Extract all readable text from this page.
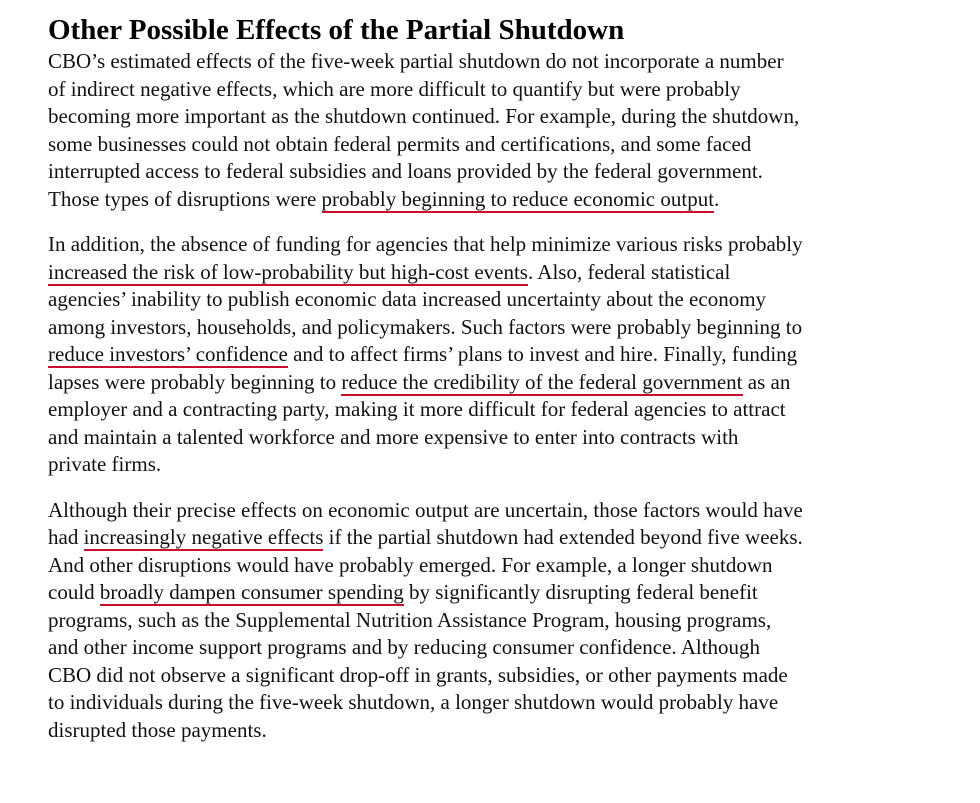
Other Possible Effects of the Partial Shutdown

CBO’s estimated effects of the five-week partial shutdown do not incorporate a number
of indirect negative effects, which are more difficult to quantify but were probably
becoming more important as the shutdown continued. For example, during the shutdown,
some businesses could not obtain federal permits and certifications, and some faced
interrupted access to federal subsidies and loans provided by the federal government.
Those types of disruptions were probably beginning to reduce economic output.

In addition, the absence of funding for agencies that help minimize various risks probably
increased the risk of low-probability but high-cost events. Also, federal statistical
agencies’ inability to publish economic data increased uncertainty about the economy
among investors, households, and policymakers. Such factors were probably beginning to
reduce investors’ confidence and to affect firms’ plans to invest and hire. Finally, funding
lapses were probably beginning to reduce the credibility of the federal government as an
employer and a contracting party, making it more difficult for federal agencies to attract
and maintain a talented workforce and more expensive to enter into contracts with
private firms.

Although their precise effects on economic output are uncertain, those factors would have
had increasingly negative effects if the partial shutdown had extended beyond five weeks.
And other disruptions would have probably emerged. For example, a longer shutdown
could broadly dampen consumer spending by significantly disrupting federal benefit
programs, such as the Supplemental Nutrition Assistance Program, housing programs,
and other income support programs and by reducing consumer confidence. Although
CBO did not observe a significant drop-off in grants, subsidies, or other payments made
to individuals during the five-week shutdown, a longer shutdown would probably have
disrupted those payments.
